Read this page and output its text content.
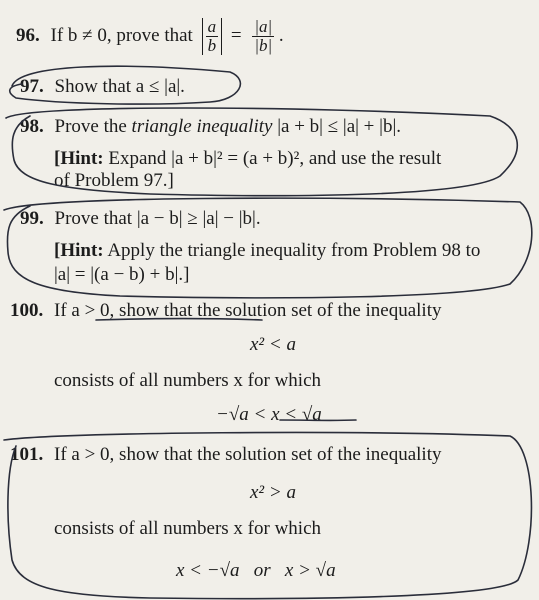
96. If b ≠ 0, prove that $\frac{a}{b} = \frac{|a|}{|b|}$ .
97. Show that a ≤ |a|.
98. Prove the triangle inequality |a + b| ≤ |a| + |b|.
[Hint: Expand |a + b|² = (a + b)², and use the result
of Problem 97.]
99. Prove that |a − b| ≥ |a| − |b|.
[Hint: Apply the triangle inequality from Problem 98 to
|a| = |(a − b) + b|.]
100. If a > 0, show that the solution set of the inequality
x² < a
consists of all numbers x for which
−√a < x < √a
101. If a > 0, show that the solution set of the inequality
x² > a
consists of all numbers x for which
x < −√a   or   x > √a
